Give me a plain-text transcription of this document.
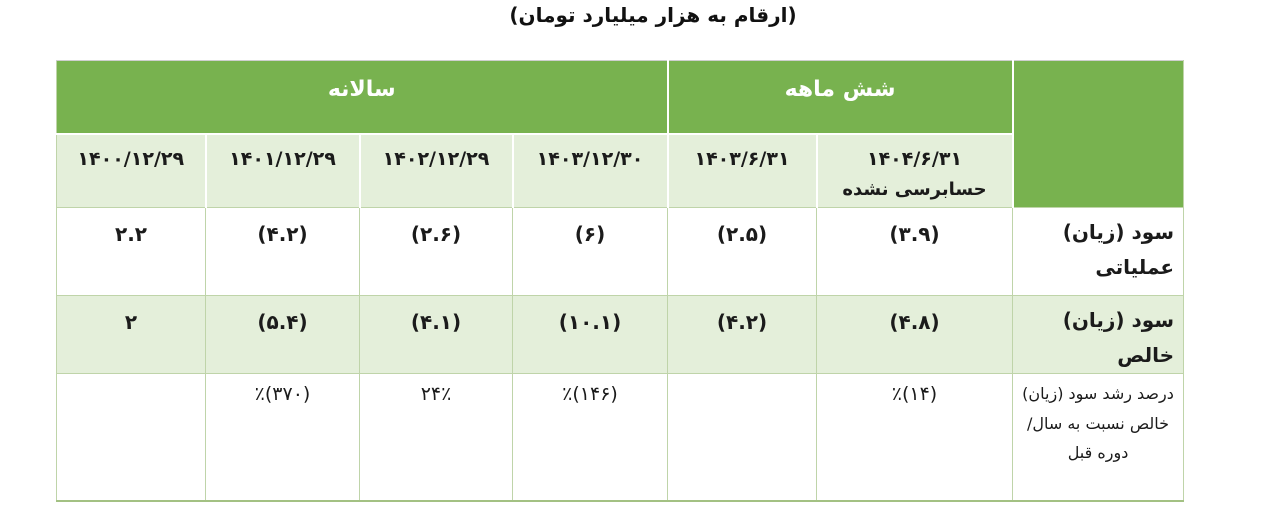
(ارقام به هزار میلیارد تومان)
سالانه				شش ماهه		

۱۴۰۰/۱۲/۲۹	۱۴۰۱/۱۲/۲۹	۱۴۰۲/۱۲/۲۹	۱۴۰۳/۱۲/۳۰	۱۴۰۳/۶/۳۱	۱۴۰۴/۶/۳۱
حسابرسی نشده	

۲.۲	(۴.۲)	(۲.۶)	(۶)	(۲.۵)	(۳.۹)	سود (زیان) عملیاتی
۲	(۵.۴)	(۴.۱)	(۱۰.۱)	(۴.۲)	(۴.۸)	سود (زیان) خالص
	٪(۳۷۰)	۲۴٪	٪(۱۴۶)		٪(۱۴)	درصد رشد سود (زیان) خالص نسبت به سال/دوره قبل
